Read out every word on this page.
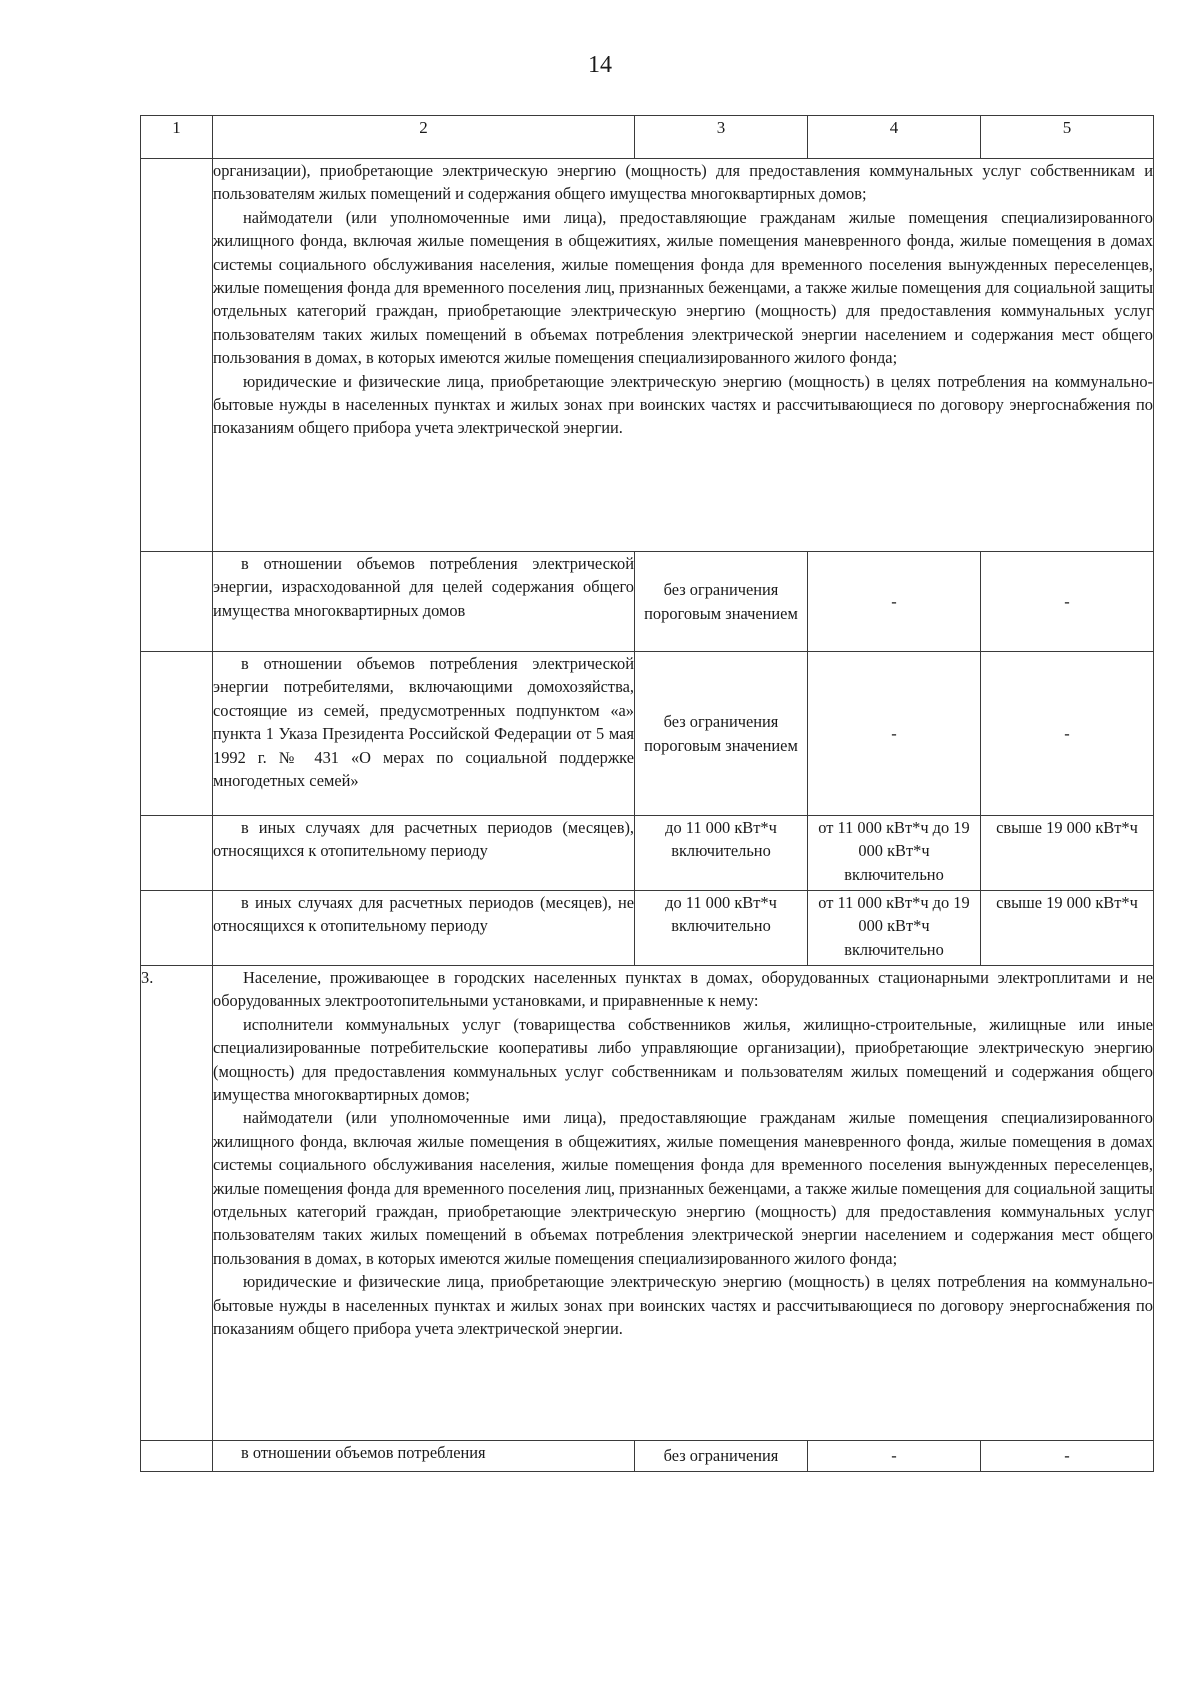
14
1	2	3	4	5

	организации), приобретающие электрическую энергию (мощность) для предоставления коммунальных услуг собственникам и пользователям жилых помещений и содержания общего имущества многоквартирных домов;

наймодатели (или уполномоченные ими лица), предоставляющие гражданам жилые помещения специализированного жилищного фонда, включая жилые помещения в общежитиях, жилые помещения маневренного фонда, жилые помещения в домах системы социального обслуживания населения, жилые помещения фонда для временного поселения вынужденных переселенцев, жилые помещения фонда для временного поселения лиц, признанных беженцами, а также жилые помещения для социальной защиты отдельных категорий граждан, приобретающие электрическую энергию (мощность) для предоставления коммунальных услуг пользователям таких жилых помещений в объемах потребления электрической энергии населением и содержания мест общего пользования в домах, в которых имеются жилые помещения специализированного жилого фонда;

юридические и физические лица, приобретающие электрическую энергию (мощность) в целях потребления на коммунально-бытовые нужды в населенных пунктах и жилых зонах при воинских частях и рассчитывающиеся по договору энергоснабжения по показаниям общего прибора учета электрической энергии.			

	в отношении объемов потребления электрической энергии, израсходованной для целей содержания общего имущества многоквартирных домов	без ограничения пороговым значением	-	-
	в отношении объемов потребления электрической энергии потребителями, включающими домохозяйства, состоящие из семей, предусмотренных подпунктом «а» пункта 1 Указа Президента Российской Федерации от 5 мая 1992 г. № 431 «О мерах по социальной поддержке многодетных семей»	без ограничения пороговым значением	-	-
	в иных случаях для расчетных периодов (месяцев), относящихся к отопительному периоду	до 11 000 кВт*ч включительно	от 11 000 кВт*ч до 19 000 кВт*ч включительно	свыше 19 000 кВт*ч
	в иных случаях для расчетных периодов (месяцев), не относящихся к отопительному периоду	до 11 000 кВт*ч включительно	от 11 000 кВт*ч до 19 000 кВт*ч включительно	свыше 19 000 кВт*ч
3.	Население, проживающее в городских населенных пунктах в домах, оборудованных стационарными электроплитами и не оборудованных электроотопительными установками, и приравненные к нему:

исполнители коммунальных услуг (товарищества собственников жилья, жилищно-строительные, жилищные или иные специализированные потребительские кооперативы либо управляющие организации), приобретающие электрическую энергию (мощность) для предоставления коммунальных услуг собственникам и пользователям жилых помещений и содержания общего имущества многоквартирных домов;

наймодатели (или уполномоченные ими лица), предоставляющие гражданам жилые помещения специализированного жилищного фонда, включая жилые помещения в общежитиях, жилые помещения маневренного фонда, жилые помещения в домах системы социального обслуживания населения, жилые помещения фонда для временного поселения вынужденных переселенцев, жилые помещения фонда для временного поселения лиц, признанных беженцами, а также жилые помещения для социальной защиты отдельных категорий граждан, приобретающие электрическую энергию (мощность) для предоставления коммунальных услуг пользователям таких жилых помещений в объемах потребления электрической энергии населением и содержания мест общего пользования в домах, в которых имеются жилые помещения специализированного жилого фонда;

юридические и физические лица, приобретающие электрическую энергию (мощность) в целях потребления на коммунально-бытовые нужды в населенных пунктах и жилых зонах при воинских частях и рассчитывающиеся по договору энергоснабжения по показаниям общего прибора учета электрической энергии.			

	в отношении объемов потребления	без ограничения	-	-
